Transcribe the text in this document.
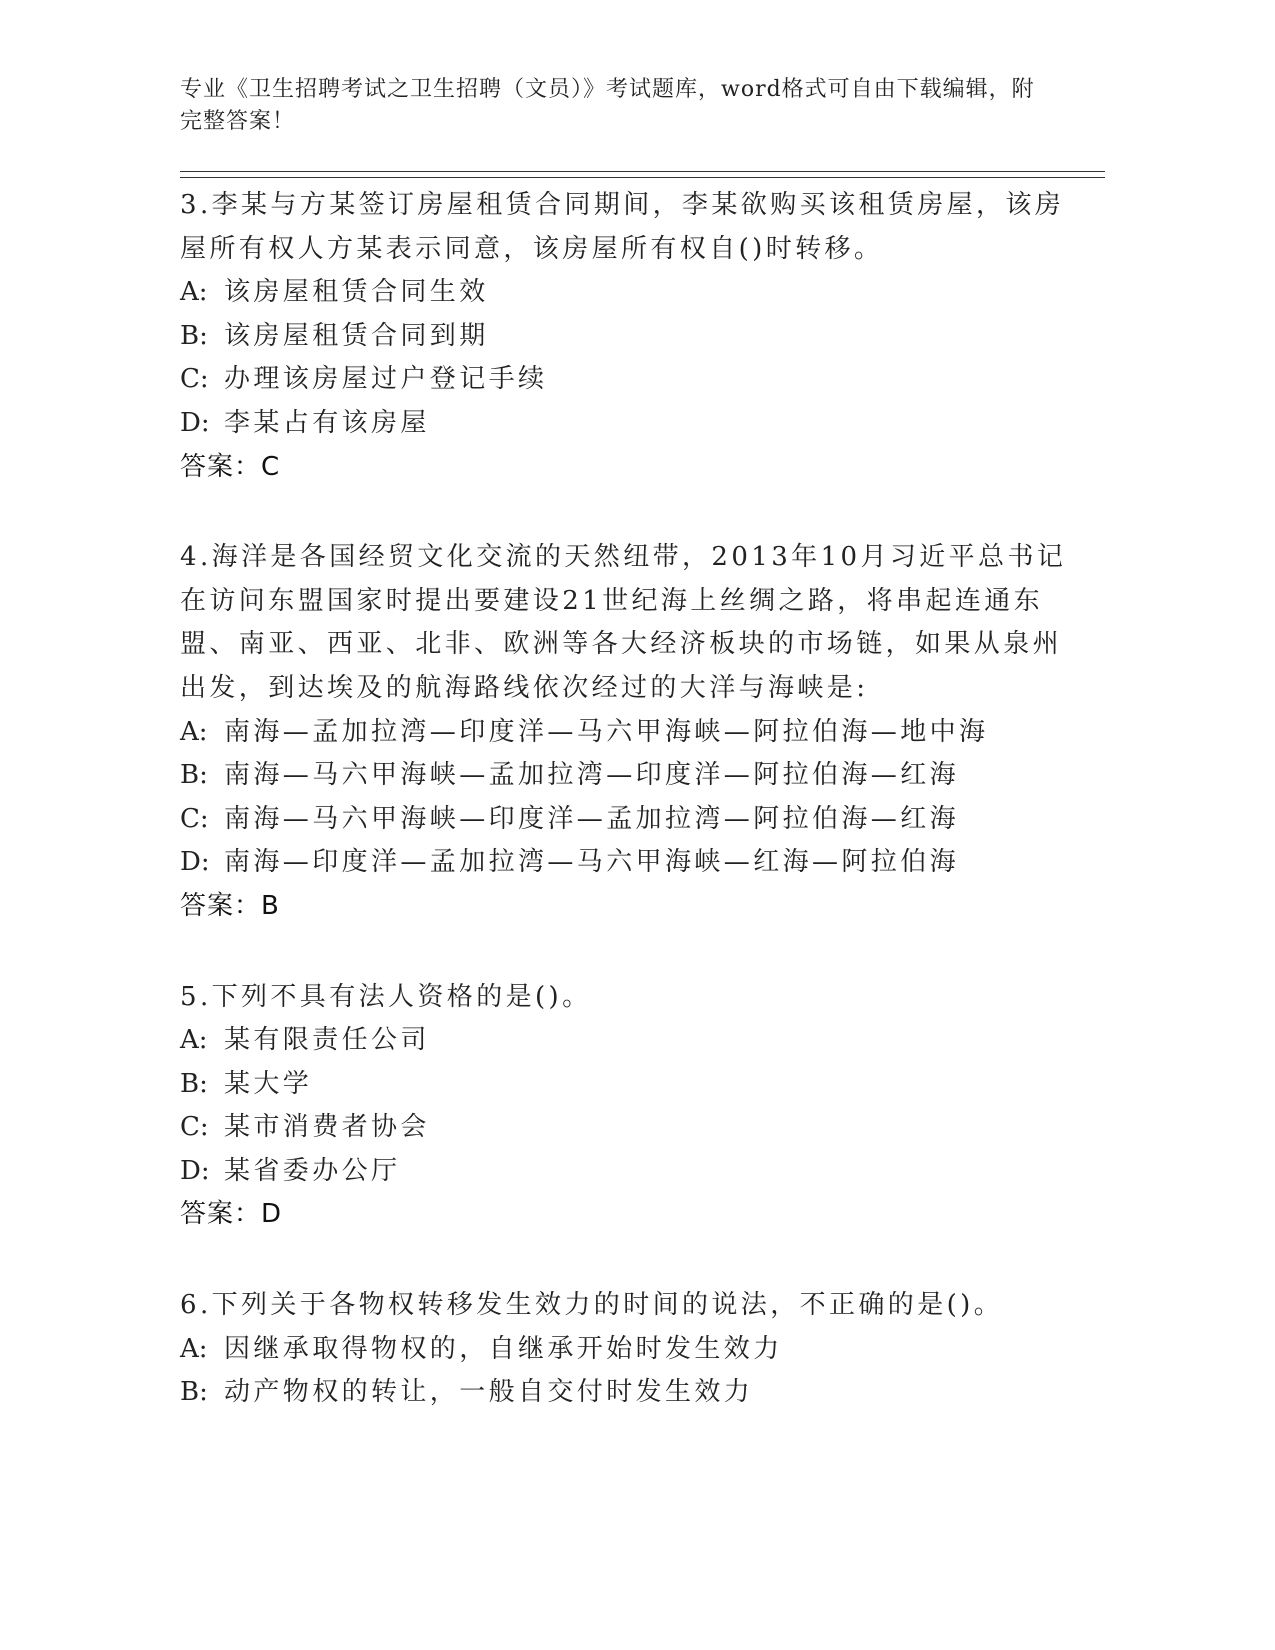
专业《卫生招聘考试之卫生招聘（文员）》考试题库，word格式可自由下载编辑，附完整答案！
3.李某与方某签订房屋租赁合同期间，李某欲购买该租赁房屋，该房屋所有权人方某表示同意，该房屋所有权自()时转移。
A: 该房屋租赁合同生效
B: 该房屋租赁合同到期
C: 办理该房屋过户登记手续
D: 李某占有该房屋
答案：C
4.海洋是各国经贸文化交流的天然纽带，2013年10月习近平总书记在访问东盟国家时提出要建设21世纪海上丝绸之路，将串起连通东盟、南亚、西亚、北非、欧洲等各大经济板块的市场链，如果从泉州出发，到达埃及的航海路线依次经过的大洋与海峡是:
A: 南海—孟加拉湾—印度洋—马六甲海峡—阿拉伯海—地中海
B: 南海—马六甲海峡—孟加拉湾—印度洋—阿拉伯海—红海
C: 南海—马六甲海峡—印度洋—孟加拉湾—阿拉伯海—红海
D: 南海—印度洋—孟加拉湾—马六甲海峡—红海—阿拉伯海
答案：B
5.下列不具有法人资格的是()。
A: 某有限责任公司
B: 某大学
C: 某市消费者协会
D: 某省委办公厅
答案：D
6.下列关于各物权转移发生效力的时间的说法，不正确的是()。
A: 因继承取得物权的，自继承开始时发生效力
B: 动产物权的转让，一般自交付时发生效力
